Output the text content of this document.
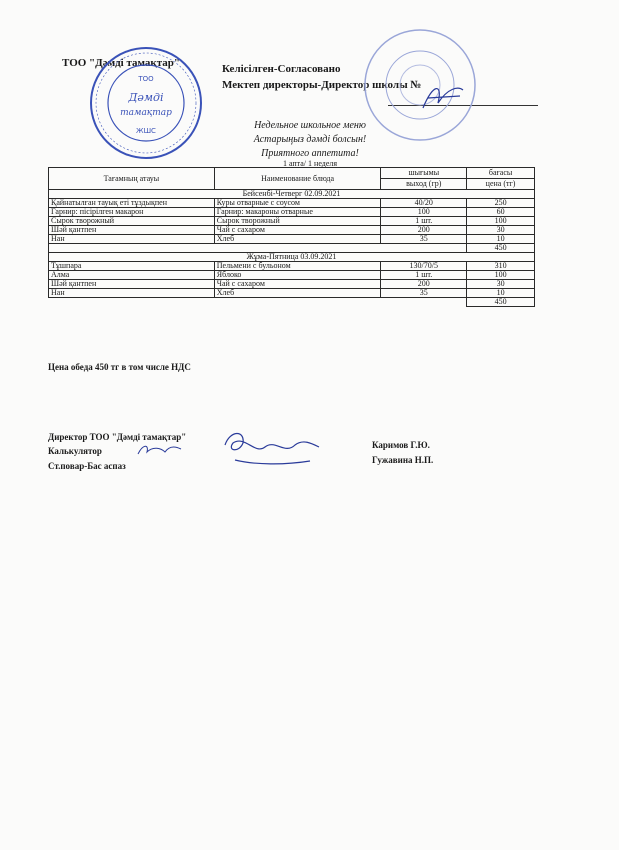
ТОО "Дәмді тамақтар"	Келісілген-Согласовано
Мектеп директоры-Директор школы №
ТОО
Дәмді
тамақтар
ЖШС	Недельное школьное меню
Астарыңыз дәмді болсын!
Приятного аппетита!
1 апта/ 1 неделя
Тағамның атауы	Наименование блюда	шығымы	бағасы
		выход (гр)	цена (тг)
Бейсенбі-Четверг 02.09.2021			
Қайнатылған тауық еті тұздықпен	Куры отварные с соусом	40/20	250
Гарнир: пісірілген макарон	Гарнир: макароны отварные	100	60
Сырок творожный	Сырок творожный	1 шт.	100
Шәй қантпен	Чай с сахаром	200	30
Нан	Хлеб	35	10
			450
Жұма-Пятница 03.09.2021			
Тұшпара	Пельмени с бульоном	130/70/5	310
Алма	Яблоко	1 шт.	100
Шәй қантпен	Чай с сахаром	200	30
Нан	Хлеб	35	10
			450
Цена обеда 450 тг в том числе НДС
Директор ТОО "Дәмді тамақтар"
Калькулятор
Ст.повар-Бас аспаз
Каримов Г.Ю.
Гужавина Н.П.
